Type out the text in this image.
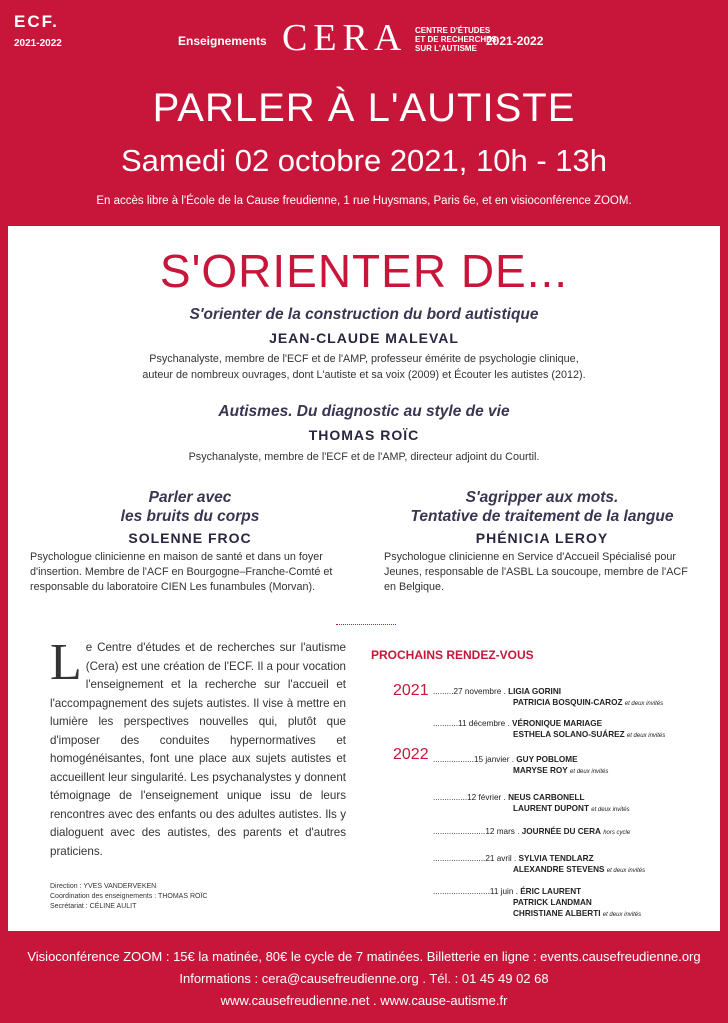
ECF.
2021-2022	Enseignements CERA CENTRE D'ÉTUDES
ET DE RECHERCHES
SUR L'AUTISME
2021-2022
PARLER À L'AUTISTE
Samedi 02 octobre 2021, 10h - 13h
En accès libre à l'École de la Cause freudienne, 1 rue Huysmans, Paris 6e, et en visioconférence ZOOM.
S'ORIENTER DE...
S'orienter de la construction du bord autistique
JEAN-CLAUDE MALEVAL
Psychanalyste, membre de l'ECF et de l'AMP, professeur émérite de psychologie clinique,
auteur de nombreux ouvrages, dont L'autiste et sa voix (2009) et Écouter les autistes (2012).
Autismes. Du diagnostic au style de vie
THOMAS ROÏC
Psychanalyste, membre de l'ECF et de l'AMP, directeur adjoint du Courtil.
Parler avec
les bruits du corps
SOLENNE FROC
Psychologue clinicienne en maison de santé et dans un foyer d'insertion. Membre de l'ACF en Bourgogne–Franche-Comté et responsable du laboratoire CIEN Les funambules (Morvan).
S'agripper aux mots.
Tentative de traitement de la langue
PHÉNICIA LEROY
Psychologue clinicienne en Service d'Accueil Spécialisé pour Jeunes, responsable de l'ASBL La soucoupe, membre de l'ACF en Belgique.
Le Centre d'études et de recherches sur l'autisme (Cera) est une création de l'ECF. Il a pour vocation l'enseignement et la recherche sur l'accueil et l'accompagnement des sujets autistes. Il vise à mettre en lumière les perspectives nouvelles qui, plutôt que d'imposer des conduites hypernormatives et homogénéisantes, font une place aux sujets autistes et accueillent leur singularité. Les psychanalystes y donnent témoignage de l'enseignement unique issu de leurs rencontres avec des enfants ou des adultes autistes. Ils y dialoguent avec des autistes, des parents et d'autres praticiens.
Direction : YVES VANDERVEKEN
Coordination des enseignements : THOMAS ROÏC
Secrétariat : CÉLINE AULIT
PROCHAINS RENDEZ-VOUS
2021
2022
.........27 novembre . LIGIA GORINI
PATRICIA BOSQUIN-CAROZ et deux invités
...........11 décembre . VÉRONIQUE MARIAGE
ESTHELA SOLANO-SUÁREZ et deux invités
..................15 janvier . GUY POBLOME
MARYSE ROY et deux invités
...............12 février . NEUS CARBONELL
LAURENT DUPONT et deux invités
.......................12 mars . JOURNÉE DU CERA hors cycle
.......................21 avril . SYLVIA TENDLARZ
ALEXANDRE STEVENS et deux invités
.........................11 juin . ÉRIC LAURENT
PATRICK LANDMAN
CHRISTIANE ALBERTI et deux invités
Visioconférence ZOOM : 15€ la matinée, 80€ le cycle de 7 matinées. Billetterie en ligne : events.causefreudienne.org
Informations : cera@causefreudienne.org . Tél. : 01 45 49 02 68
www.causefreudienne.net . www.cause-autisme.fr
